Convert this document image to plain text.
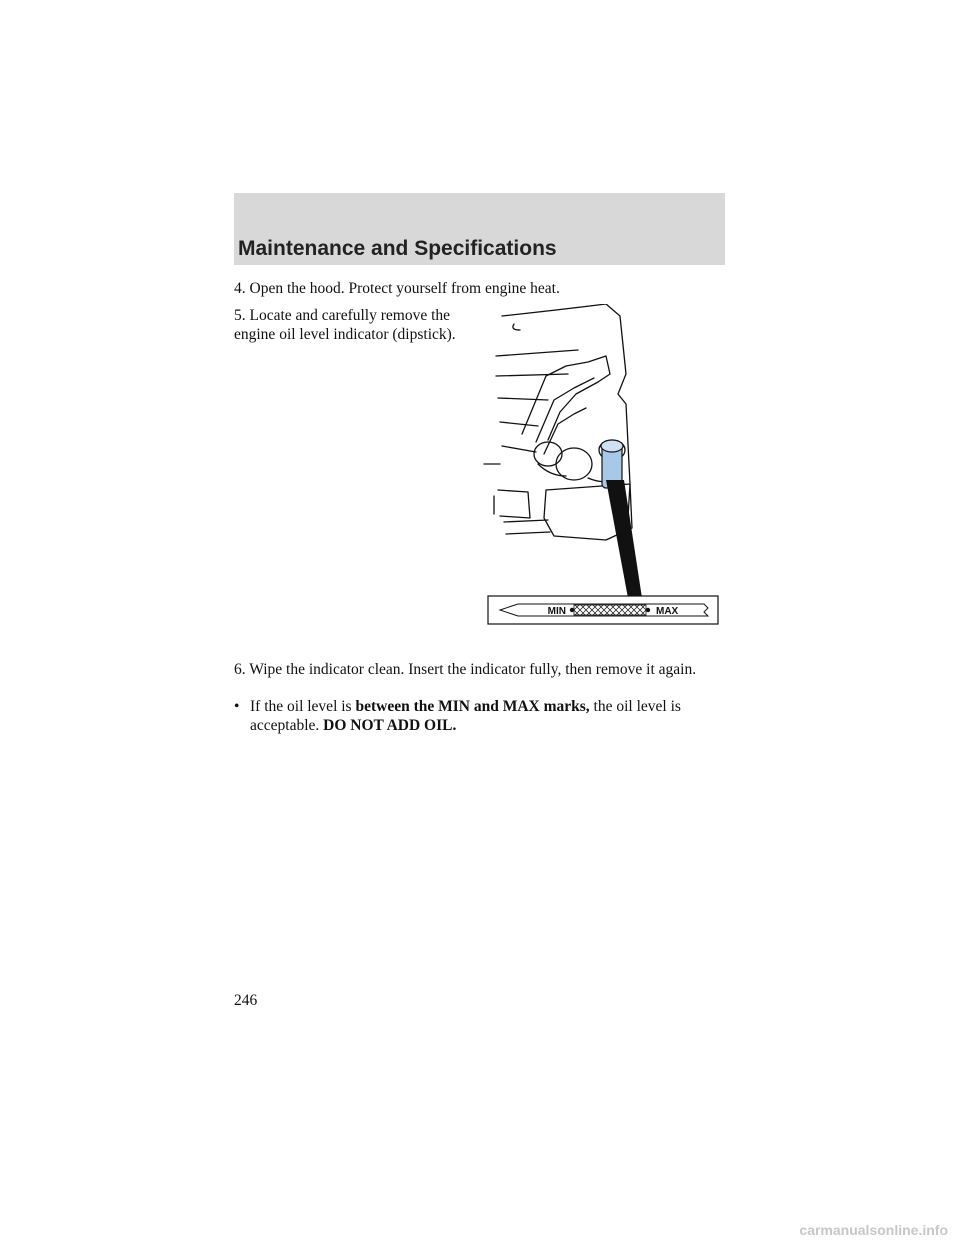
Maintenance and Specifications

4. Open the hood. Protect yourself from engine heat.

5. Locate and carefully remove the engine oil level indicator (dipstick).

MIN	MAX

6. Wipe the indicator clean. Insert the indicator fully, then remove it again.

• If the oil level is between the MIN and MAX marks, the oil level is acceptable. DO NOT ADD OIL.

246

carmanualsonline.info
